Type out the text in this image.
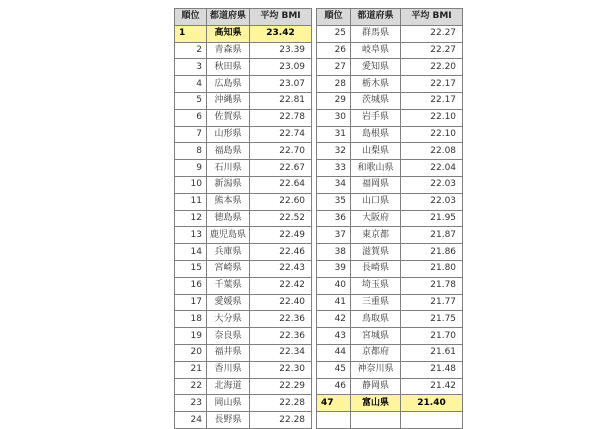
順位	都道府県	平均 BMI		順位	都道府県	平均 BMI
1	高知県	23.42		25	群馬県	22.27
2	青森県	23.39		26	岐阜県	22.27
3	秋田県	23.09		27	愛知県	22.20
4	広島県	23.07		28	栃木県	22.17
5	沖縄県	22.81		29	茨城県	22.17
6	佐賀県	22.78		30	岩手県	22.10
7	山形県	22.74		31	島根県	22.10
8	福島県	22.70		32	山梨県	22.08
9	石川県	22.67		33	和歌山県	22.04
10	新潟県	22.64		34	福岡県	22.03
11	熊本県	22.60		35	山口県	22.03
12	徳島県	22.52		36	大阪府	21.95
13	鹿児島県	22.49		37	東京都	21.87
14	兵庫県	22.46		38	滋賀県	21.86
15	宮崎県	22.43		39	長崎県	21.80
16	千葉県	22.42		40	埼玉県	21.78
17	愛媛県	22.40		41	三重県	21.77
18	大分県	22.36		42	鳥取県	21.75
19	奈良県	22.36		43	宮城県	21.70
20	福井県	22.34		44	京都府	21.61
21	香川県	22.30		45	神奈川県	21.48
22	北海道	22.29		46	静岡県	21.42
23	岡山県	22.28		47	富山県	21.40
24	長野県	22.28				
